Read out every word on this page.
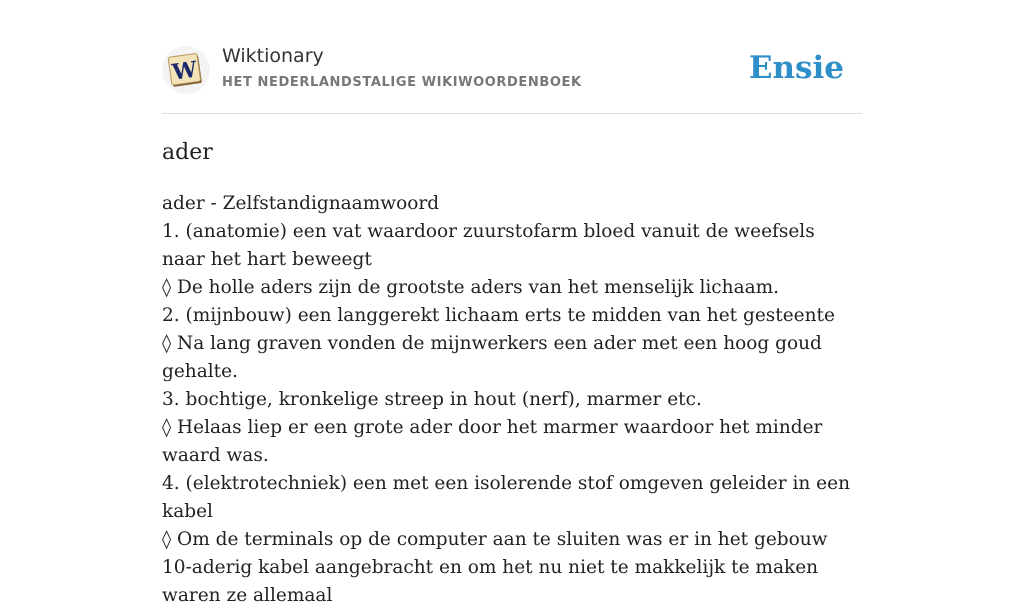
W
Wiktionary
HET NEDERLANDSTALIGE WIKIWOORDENBOEK	Ensie
ader
ader - Zelfstandignaamwoord
1. (anatomie) een vat waardoor zuurstofarm bloed vanuit de weefsels naar het hart beweegt
◊ De holle aders zijn de grootste aders van het menselijk lichaam.
2. (mijnbouw) een langgerekt lichaam erts te midden van het gesteente
◊ Na lang graven vonden de mijnwerkers een ader met een hoog goud gehalte.
3. bochtige, kronkelige streep in hout (nerf), marmer etc.
◊ Helaas liep er een grote ader door het marmer waardoor het minder waard was.
4. (elektrotechniek) een met een isolerende stof omgeven geleider in een kabel
◊ Om de terminals op de computer aan te sluiten was er in het gebouw 10-aderig kabel aangebracht en om het nu niet te makkelijk te maken waren ze allemaal
